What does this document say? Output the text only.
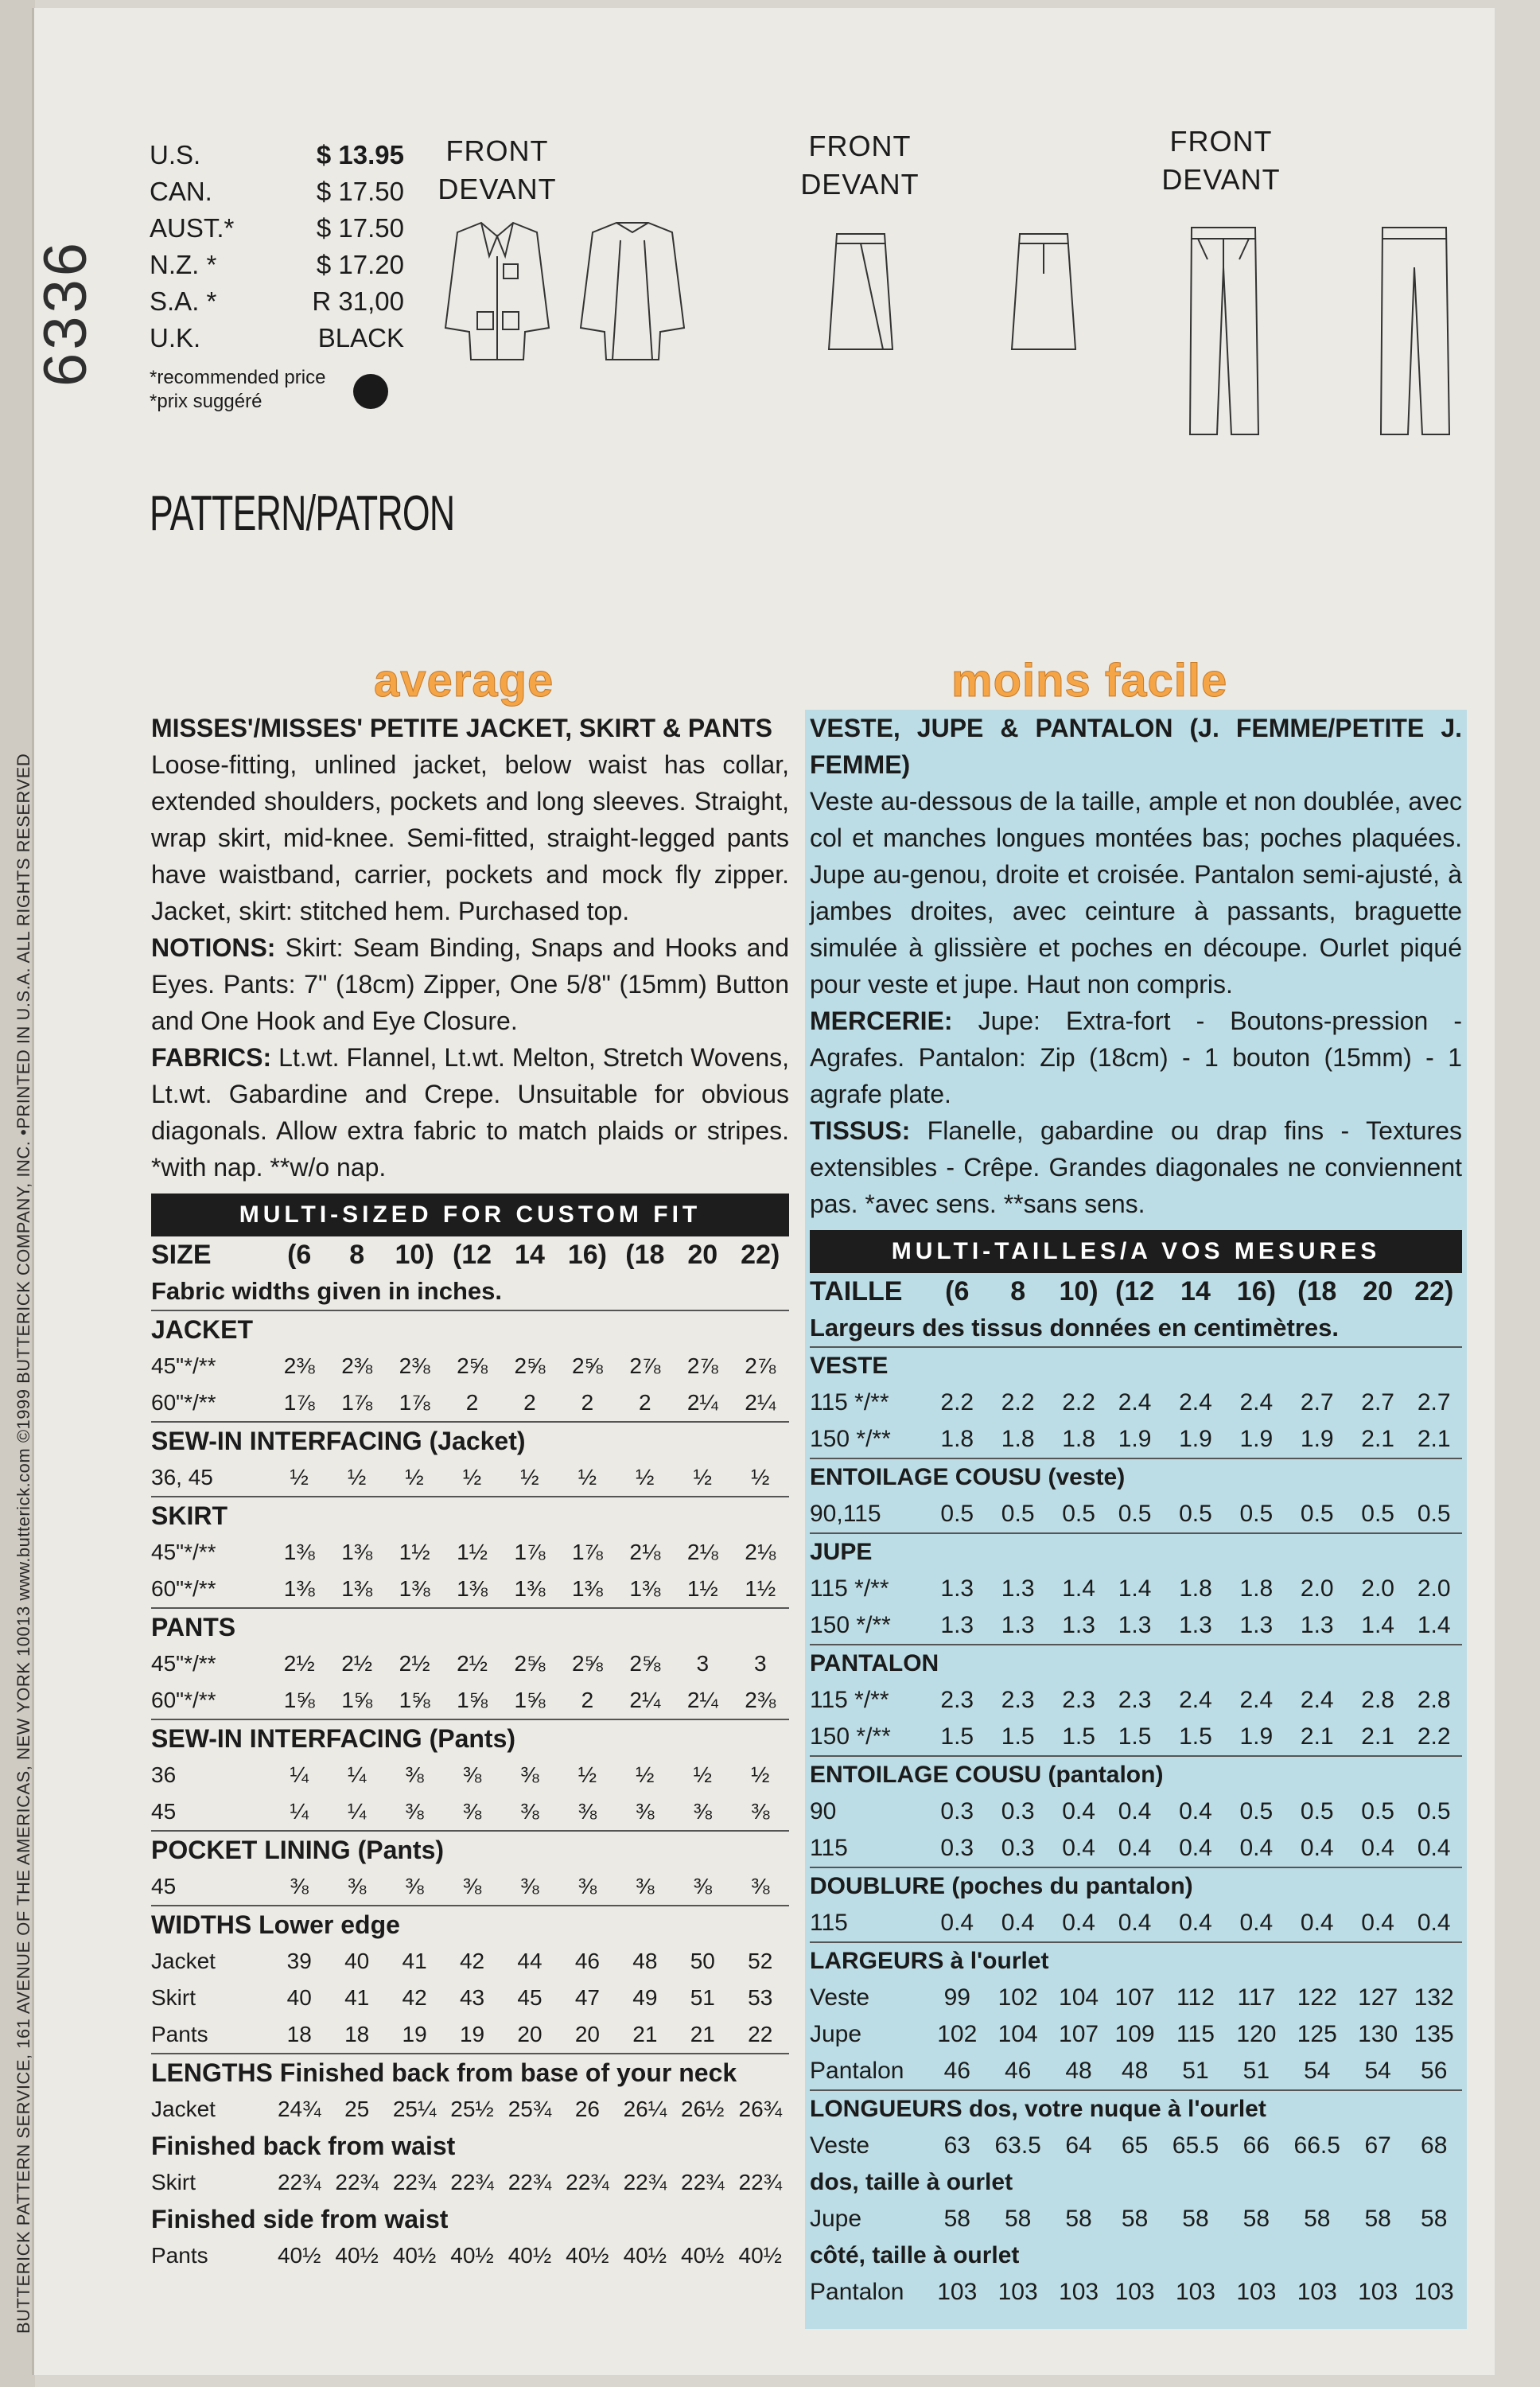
6336
BUTTERICK PATTERN SERVICE, 161 AVENUE OF THE AMERICAS, NEW YORK 10013 www.butterick.com ©1999 BUTTERICK COMPANY, INC. •PRINTED IN U.S.A. ALL RIGHTS RESERVED
U.S.	$ 13.95
CAN.	$ 17.50
AUST.*	$ 17.50
N.Z. *	$ 17.20
S.A. *	R 31,00
U.K.	BLACK
*recommended price
*prix suggéré
PATTERN/PATRON
FRONT
DEVANT
FRONT
DEVANT
FRONT
DEVANT
average	moins facile
MISSES'/MISSES' PETITE JACKET, SKIRT & PANTS
Loose-fitting, unlined jacket, below waist has collar, extended shoulders, pockets and long sleeves. Straight, wrap skirt, mid-knee. Semi-fitted, straight-legged pants have waistband, carrier, pockets and mock fly zipper. Jacket, skirt: stitched hem. Purchased top.
NOTIONS: Skirt: Seam Binding, Snaps and Hooks and Eyes. Pants: 7" (18cm) Zipper, One 5/8" (15mm) Button and One Hook and Eye Closure.
FABRICS: Lt.wt. Flannel, Lt.wt. Melton, Stretch Wovens, Lt.wt. Gabardine and Crepe. Unsuitable for obvious diagonals. Allow extra fabric to match plaids or stripes. *with nap. **w/o nap.
MULTI-SIZED FOR CUSTOM FIT
SIZE	(6	8	10)	(12	14	16)	(18	20	22)
Fabric widths given in inches.									
JACKET									
45"*/**	2⅜	2⅜	2⅜	2⅝	2⅝	2⅝	2⅞	2⅞	2⅞
60"*/**	1⅞	1⅞	1⅞	2	2	2	2	2¼	2¼
SEW-IN INTERFACING (Jacket)									
36, 45	½	½	½	½	½	½	½	½	½
SKIRT									
45"*/**	1⅜	1⅜	1½	1½	1⅞	1⅞	2⅛	2⅛	2⅛
60"*/**	1⅜	1⅜	1⅜	1⅜	1⅜	1⅜	1⅜	1½	1½
PANTS									
45"*/**	2½	2½	2½	2½	2⅝	2⅝	2⅝	3	3
60"*/**	1⅝	1⅝	1⅝	1⅝	1⅝	2	2¼	2¼	2⅜
SEW-IN INTERFACING (Pants)									
36	¼	¼	⅜	⅜	⅜	½	½	½	½
45	¼	¼	⅜	⅜	⅜	⅜	⅜	⅜	⅜
POCKET LINING (Pants)									
45	⅜	⅜	⅜	⅜	⅜	⅜	⅜	⅜	⅜
WIDTHS Lower edge									
Jacket	39	40	41	42	44	46	48	50	52
Skirt	40	41	42	43	45	47	49	51	53
Pants	18	18	19	19	20	20	21	21	22
LENGTHS Finished back from base of your neck									
Jacket	24¾	25	25¼	25½	25¾	26	26¼	26½	26¾
Finished back from waist									
Skirt	22¾	22¾	22¾	22¾	22¾	22¾	22¾	22¾	22¾
Finished side from waist									
Pants	40½	40½	40½	40½	40½	40½	40½	40½	40½
VESTE, JUPE & PANTALON (J. FEMME/PETITE J. FEMME)
Veste au-dessous de la taille, ample et non doublée, avec col et manches longues montées bas; poches plaquées. Jupe au-genou, droite et croisée. Pantalon semi-ajusté, à jambes droites, avec ceinture à passants, braguette simulée à glissière et poches en découpe. Ourlet piqué pour veste et jupe. Haut non compris.
MERCERIE: Jupe: Extra-fort - Boutons-pression - Agrafes. Pantalon: Zip (18cm) - 1 bouton (15mm) - 1 agrafe plate.
TISSUS: Flanelle, gabardine ou drap fins - Textures extensibles - Crêpe. Grandes diagonales ne conviennent pas. *avec sens. **sans sens.
MULTI-TAILLES/A VOS MESURES
TAILLE	(6	8	10)	(12	14	16)	(18	20	22)
Largeurs des tissus données en centimètres.									
VESTE									
115 */**	2.2	2.2	2.2	2.4	2.4	2.4	2.7	2.7	2.7
150 */**	1.8	1.8	1.8	1.9	1.9	1.9	1.9	2.1	2.1
ENTOILAGE COUSU (veste)									
90,115	0.5	0.5	0.5	0.5	0.5	0.5	0.5	0.5	0.5
JUPE									
115 */**	1.3	1.3	1.4	1.4	1.8	1.8	2.0	2.0	2.0
150 */**	1.3	1.3	1.3	1.3	1.3	1.3	1.3	1.4	1.4
PANTALON									
115 */**	2.3	2.3	2.3	2.3	2.4	2.4	2.4	2.8	2.8
150 */**	1.5	1.5	1.5	1.5	1.5	1.9	2.1	2.1	2.2
ENTOILAGE COUSU (pantalon)									
90	0.3	0.3	0.4	0.4	0.4	0.5	0.5	0.5	0.5
115	0.3	0.3	0.4	0.4	0.4	0.4	0.4	0.4	0.4
DOUBLURE (poches du pantalon)									
115	0.4	0.4	0.4	0.4	0.4	0.4	0.4	0.4	0.4
LARGEURS à l'ourlet									
Veste	99	102	104	107	112	117	122	127	132
Jupe	102	104	107	109	115	120	125	130	135
Pantalon	46	46	48	48	51	51	54	54	56
LONGUEURS dos, votre nuque à l'ourlet									
Veste	63	63.5	64	65	65.5	66	66.5	67	68
dos, taille à ourlet									
Jupe	58	58	58	58	58	58	58	58	58
côté, taille à ourlet									
Pantalon	103	103	103	103	103	103	103	103	103
